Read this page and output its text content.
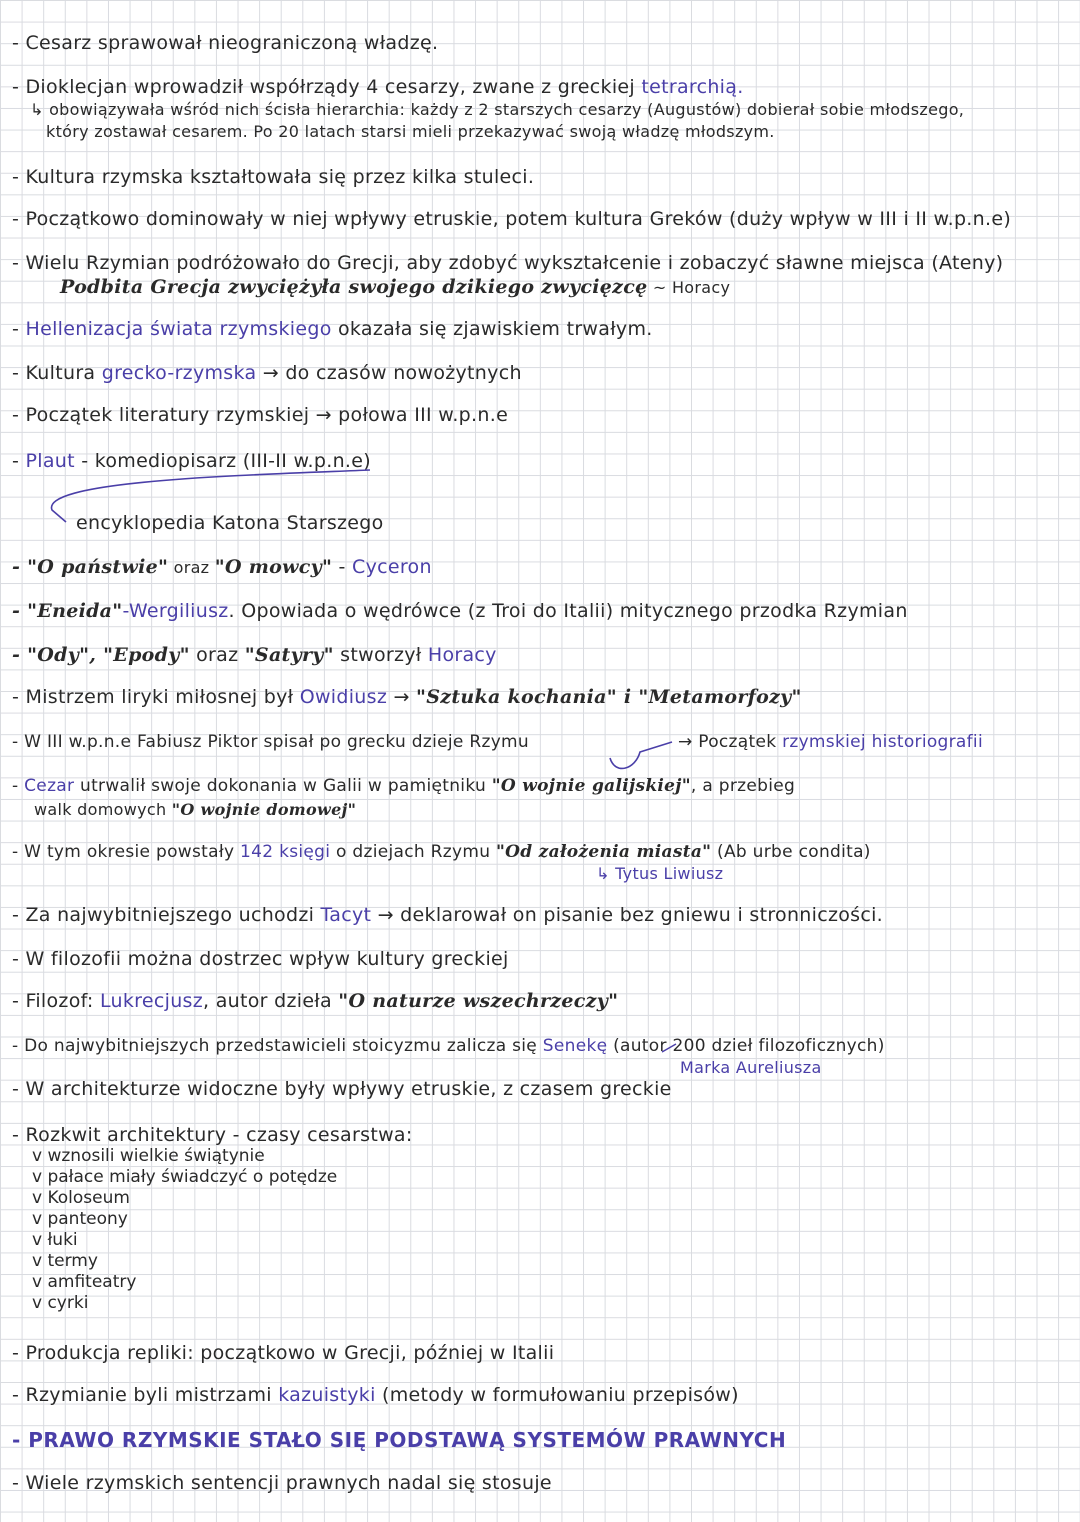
- Cesarz sprawował nieograniczoną władzę.
- Dioklecjan wprowadził współrządy 4 cesarzy, zwane z greckiej tetrarchią.
↳ obowiązywała wśród nich ścisła hierarchia: każdy z 2 starszych cesarzy (Augustów) dobierał sobie młodszego,
który zostawał cesarem. Po 20 latach starsi mieli przekazywać swoją władzę młodszym.
- Kultura rzymska kształtowała się przez kilka stuleci.
- Początkowo dominowały w niej wpływy etruskie, potem kultura Greków (duży wpływ w III i II w.p.n.e)
- Wielu Rzymian podróżowało do Grecji, aby zdobyć wykształcenie i zobaczyć sławne miejsca (Ateny)
Podbita Grecja zwyciężyła swojego dzikiego zwycięzcę ~ Horacy
- Hellenizacja świata rzymskiego okazała się zjawiskiem trwałym.
- Kultura grecko-rzymska → do czasów nowożytnych
- Początek literatury rzymskiej → połowa III w.p.n.e
- Plaut - komediopisarz (III-II w.p.n.e)
encyklopedia Katona Starszego
- "O państwie" oraz "O mowcy" - Cyceron
- "Eneida"-Wergiliusz. Opowiada o wędrówce (z Troi do Italii) mitycznego przodka Rzymian
- "Ody", "Epody" oraz "Satyry" stworzył Horacy
- Mistrzem liryki miłosnej był Owidiusz → "Sztuka kochania" i "Metamorfozy"
- W III w.p.n.e Fabiusz Piktor spisał po grecku dzieje Rzymu	→ Początek rzymskiej historiografii
- Cezar utrwalił swoje dokonania w Galii w pamiętniku "O wojnie galijskiej", a przebieg
walk domowych "O wojnie domowej"
- W tym okresie powstały 142 księgi o dziejach Rzymu "Od założenia miasta" (Ab urbe condita)
↳ Tytus Liwiusz
- Za najwybitniejszego uchodzi Tacyt → deklarował on pisanie bez gniewu i stronniczości.
- W filozofii można dostrzec wpływ kultury greckiej
- Filozof: Lukrecjusz, autor dzieła "O naturze wszechrzeczy"
- Do najwybitniejszych przedstawicieli stoicyzmu zalicza się Senekę (autor 200 dzieł filozoficznych)
Marka Aureliusza
- W architekturze widoczne były wpływy etruskie, z czasem greckie
- Rozkwit architektury - czasy cesarstwa:
v wznosili wielkie świątynie
v pałace miały świadczyć o potędze
v Koloseum
v panteony
v łuki
v termy
v amfiteatry
v cyrki
- Produkcja repliki: początkowo w Grecji, później w Italii
- Rzymianie byli mistrzami kazuistyki (metody w formułowaniu przepisów)
- PRAWO RZYMSKIE STAŁO SIĘ PODSTAWĄ SYSTEMÓW PRAWNYCH
- Wiele rzymskich sentencji prawnych nadal się stosuje
